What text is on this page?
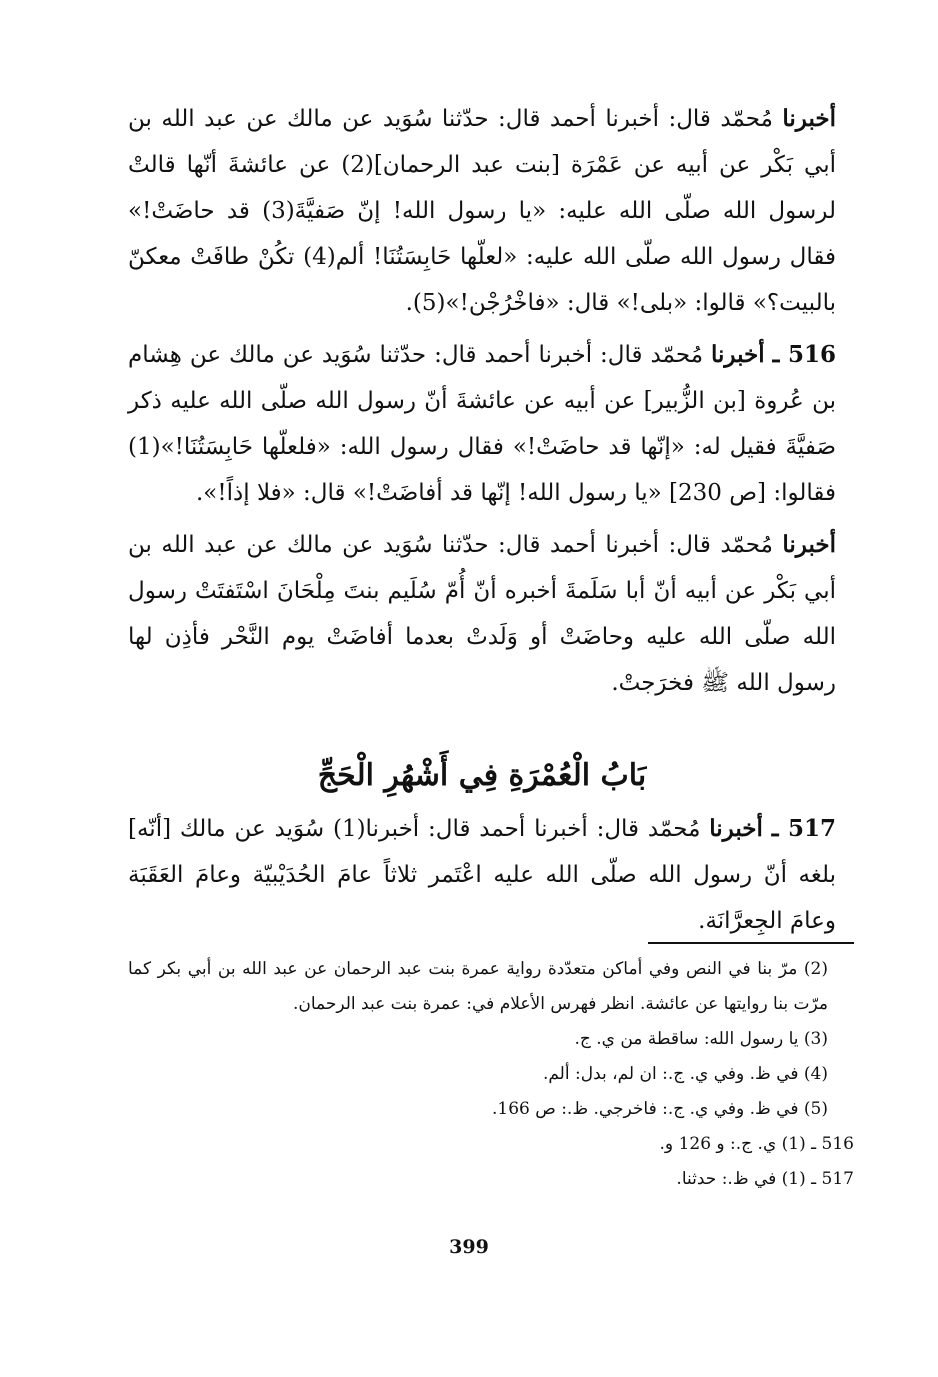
أخبرنا مُحمّد قال: أخبرنا أحمد قال: حدّثنا سُوَيد عن مالك عن عبد الله بن أبي بَكْر عن أبيه عن عَمْرَة [بنت عبد الرحمان](2) عن عائشةَ أنّها قالتْ لرسول الله صلّى الله عليه: «يا رسول الله! إنّ صَفيَّةَ(3) قد حاضَتْ!» فقال رسول الله صلّى الله عليه: «لعلّها حَابِسَتُنَا! ألم(4) تكُنْ طافَتْ معكنّ بالبيت؟» قالوا: «بلى!» قال: «فاخْرُجْن!»(5).

516 ـ أخبرنا مُحمّد قال: أخبرنا أحمد قال: حدّثنا سُوَيد عن مالك عن هِشام بن عُروة [بن الزُّبير] عن أبيه عن عائشةَ أنّ رسول الله صلّى الله عليه ذكر صَفيَّةَ فقيل له: «إنّها قد حاضَتْ!» فقال رسول الله: «فلعلّها حَابِسَتُنَا!»(1) فقالوا: [ص 230] «يا رسول الله! إنّها قد أفاضَتْ!» قال: «فلا إذاً!».

أخبرنا مُحمّد قال: أخبرنا أحمد قال: حدّثنا سُوَيد عن مالك عن عبد الله بن أبي بَكْر عن أبيه أنّ أبا سَلَمةَ أخبره أنّ أُمّ سُلَيم بنتَ مِلْحَانَ اسْتَفتَتْ رسول الله صلّى الله عليه وحاضَتْ أو وَلَدتْ بعدما أفاضَتْ يوم النَّحْر فأذِن لها رسول الله ﷺ فخرَجتْ.

بَابُ الْعُمْرَةِ فِي أَشْهُرِ الْحَجِّ

517 ـ أخبرنا مُحمّد قال: أخبرنا أحمد قال: أخبرنا(1) سُوَيد عن مالك [أنّه] بلغه أنّ رسول الله صلّى الله عليه اعْتَمر ثلاثاً عامَ الحُدَيْبيّة وعامَ العَقَبَة وعامَ الجِعرَّانَة.

(2) مرّ بنا في النص وفي أماكن متعدّدة رواية عمرة بنت عبد الرحمان عن عبد الله بن أبي بكر كما مرّت بنا روايتها عن عائشة. انظر فهرس الأعلام في: عمرة بنت عبد الرحمان.

(3) يا رسول الله: ساقطة من ي. ج.

(4) في ظ. وفي ي. ج.: ان لم، بدل: ألم.

(5) في ظ. وفي ي. ج.: فاخرجي. ظ.: ص 166.

516 ـ (1) ي. ج.: و 126 و.

517 ـ (1) في ظ.: حدثنا.

399
